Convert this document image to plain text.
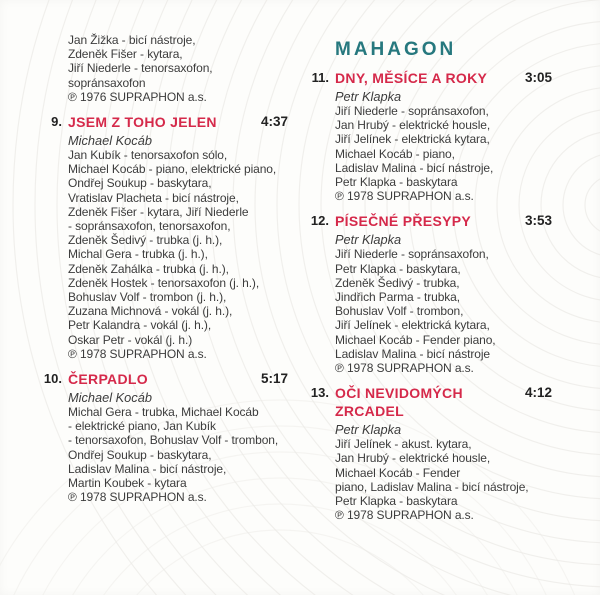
Jan Žižka - bicí nástroje,
Zdeněk Fišer - kytara,
Jiří Niederle - tenorsaxofon,
sopránsaxofon
℗ 1976 SUPRAPHON a.s.
9. JSEM Z TOHO JELEN	4:37
Michael Kocáb
Jan Kubík - tenorsaxofon sólo,
Michael Kocáb - piano, elektrické piano,
Ondřej Soukup - baskytara,
Vratislav Placheta - bicí nástroje,
Zdeněk Fišer - kytara, Jiří Niederle
- sopránsaxofon, tenorsaxofon,
Zdeněk Šedivý - trubka (j. h.),
Michal Gera - trubka (j. h.),
Zdeněk Zahálka - trubka (j. h.),
Zdeněk Hostek - tenorsaxofon (j. h.),
Bohuslav Volf - trombon (j. h.),
Zuzana Michnová - vokál (j. h.),
Petr Kalandra - vokál (j. h.),
Oskar Petr - vokál (j. h.)
℗ 1978 SUPRAPHON a.s.
10. ČERPADLO	5:17
Michael Kocáb
Michal Gera - trubka, Michael Kocáb
- elektrické piano, Jan Kubík
- tenorsaxofon, Bohuslav Volf - trombon,
Ondřej Soukup - baskytara,
Ladislav Malina - bicí nástroje,
Martin Koubek - kytara
℗ 1978 SUPRAPHON a.s.
MAHAGON
11. DNY, MĚSÍCE A ROKY	3:05
Petr Klapka
Jiří Niederle - sopránsaxofon,
Jan Hrubý - elektrické housle,
Jiří Jelínek - elektrická kytara,
Michael Kocáb - piano,
Ladislav Malina - bicí nástroje,
Petr Klapka - baskytara
℗ 1978 SUPRAPHON a.s.
12. PÍSEČNÉ PŘESYPY	3:53
Petr Klapka
Jiří Niederle - sopránsaxofon,
Petr Klapka - baskytara,
Zdeněk Šedivý - trubka,
Jindřich Parma - trubka,
Bohuslav Volf - trombon,
Jiří Jelínek - elektrická kytara,
Michael Kocáb - Fender piano,
Ladislav Malina - bicí nástroje
℗ 1978 SUPRAPHON a.s.
13. OČI NEVIDOMÝCH ZRCADEL
4:12
Petr Klapka
Jiří Jelínek - akust. kytara,
Jan Hrubý - elektrické housle,
Michael Kocáb - Fender
piano, Ladislav Malina - bicí nástroje,
Petr Klapka - baskytara
℗ 1978 SUPRAPHON a.s.
